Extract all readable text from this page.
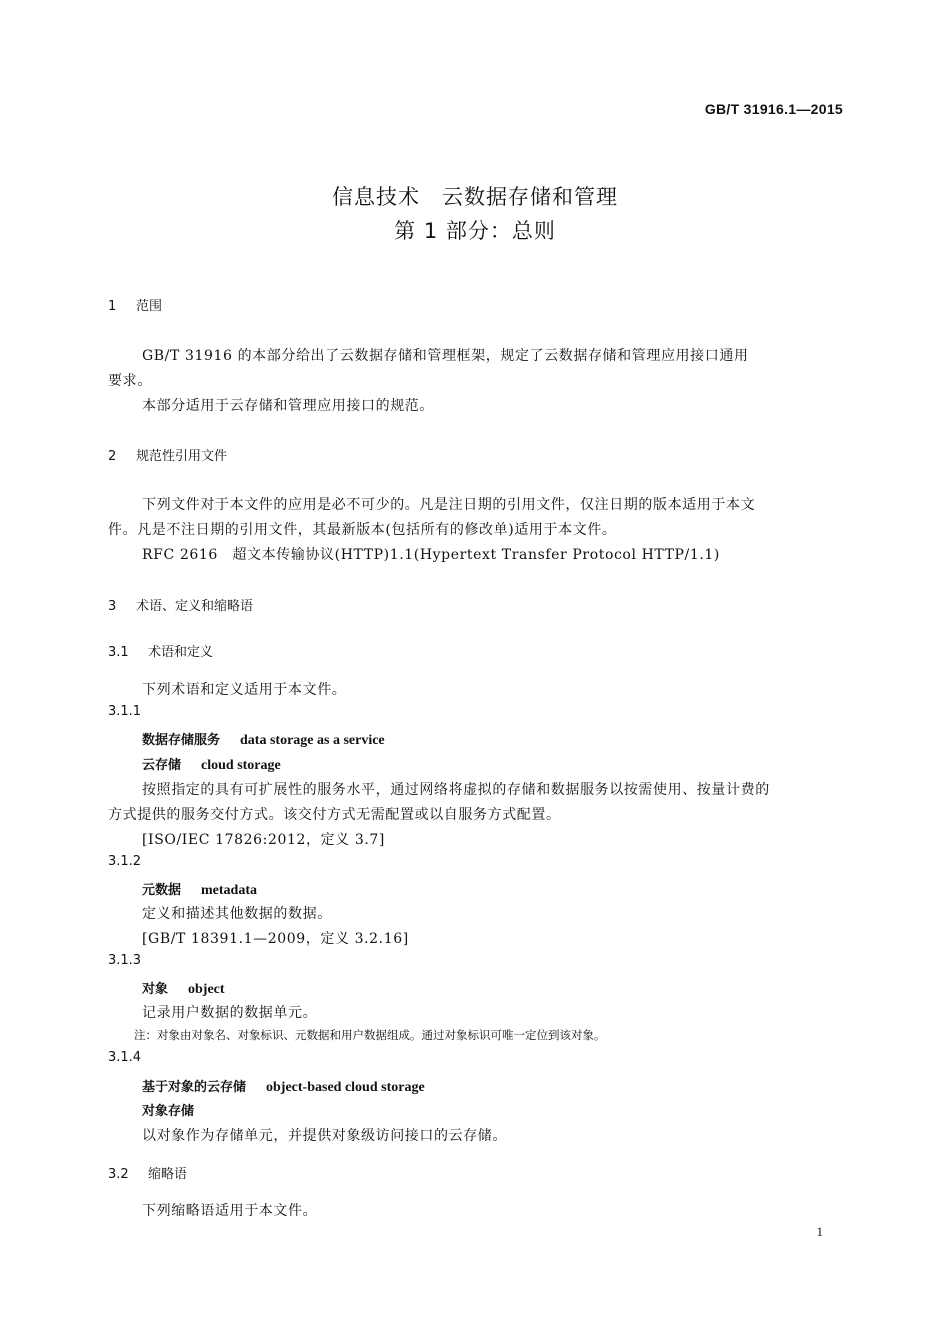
GB/T 31916.1—2015
信息技术　云数据存储和管理
第 1 部分：总则
1 范围
GB/T 31916 的本部分给出了云数据存储和管理框架，规定了云数据存储和管理应用接口通用
要求。
本部分适用于云存储和管理应用接口的规范。
2 规范性引用文件
下列文件对于本文件的应用是必不可少的。凡是注日期的引用文件，仅注日期的版本适用于本文
件。凡是不注日期的引用文件，其最新版本(包括所有的修改单)适用于本文件。
RFC 2616　超文本传输协议(HTTP)1.1(Hypertext Transfer Protocol HTTP/1.1)
3 术语、定义和缩略语
3.1 术语和定义
下列术语和定义适用于本文件。
3.1.1
数据存储服务 data storage as a service
云存储 cloud storage
按照指定的具有可扩展性的服务水平，通过网络将虚拟的存储和数据服务以按需使用、按量计费的
方式提供的服务交付方式。该交付方式无需配置或以自服务方式配置。
[ISO/IEC 17826:2012，定义 3.7]
3.1.2
元数据 metadata
定义和描述其他数据的数据。
[GB/T 18391.1—2009，定义 3.2.16]
3.1.3
对象 object
记录用户数据的数据单元。
注：对象由对象名、对象标识、元数据和用户数据组成。通过对象标识可唯一定位到该对象。
3.1.4
基于对象的云存储 object-based cloud storage
对象存储
以对象作为存储单元，并提供对象级访问接口的云存储。
3.2 缩略语
下列缩略语适用于本文件。
1
